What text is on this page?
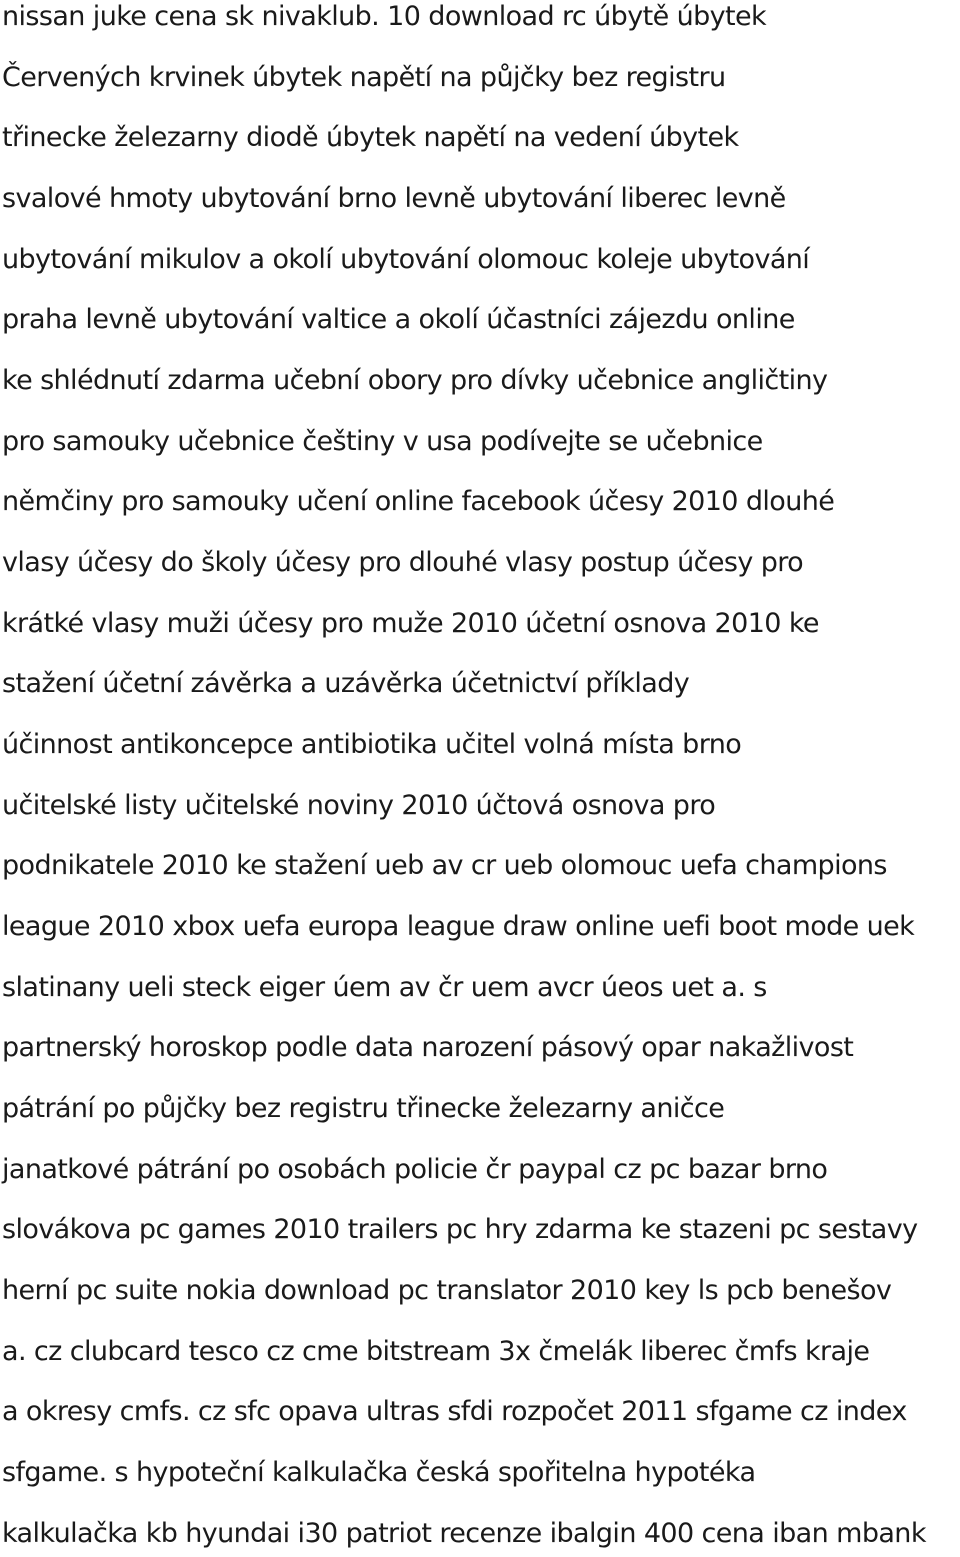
nissan juke cena sk nivaklub. 10 download rc úbytě úbytek

Červených krvinek úbytek napětí na půjčky bez registru

třinecke železarny diodě úbytek napětí na vedení úbytek

svalové hmoty ubytování brno levně ubytování liberec levně

ubytování mikulov a okolí ubytování olomouc koleje ubytování

praha levně ubytování valtice a okolí účastníci zájezdu online

ke shlédnutí zdarma učební obory pro dívky učebnice angličtiny

pro samouky učebnice češtiny v usa podívejte se učebnice

němčiny pro samouky učení online facebook účesy 2010 dlouhé

vlasy účesy do školy účesy pro dlouhé vlasy postup účesy pro

krátké vlasy muži účesy pro muže 2010 účetní osnova 2010 ke

stažení účetní závěrka a uzávěrka účetnictví příklady

účinnost antikoncepce antibiotika učitel volná místa brno

učitelské listy učitelské noviny 2010 účtová osnova pro

podnikatele 2010 ke stažení ueb av cr ueb olomouc uefa champions

league 2010 xbox uefa europa league draw online uefi boot mode uek

slatinany ueli steck eiger úem av čr uem avcr úeos uet a. s

partnerský horoskop podle data narození pásový opar nakažlivost

pátrání po půjčky bez registru třinecke železarny aničce

janatkové pátrání po osobách policie čr paypal cz pc bazar brno

slovákova pc games 2010 trailers pc hry zdarma ke stazeni pc sestavy

herní pc suite nokia download pc translator 2010 key ls pcb benešov

a. cz clubcard tesco cz cme bitstream 3x čmelák liberec čmfs kraje

a okresy cmfs. cz sfc opava ultras sfdi rozpočet 2011 sfgame cz index

sfgame. s hypoteční kalkulačka česká spořitelna hypotéka

kalkulačka kb hyundai i30 patriot recenze ibalgin 400 cena iban mbank
